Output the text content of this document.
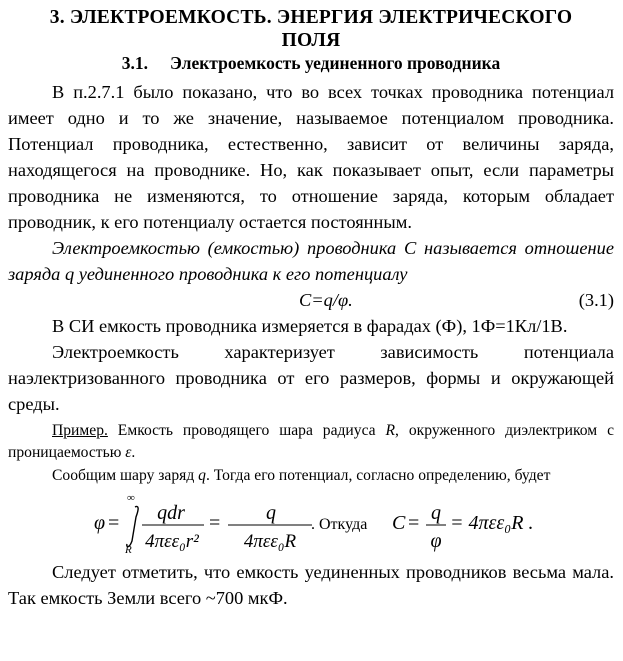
3. ЭЛЕКТРОЕМКОСТЬ. ЭНЕРГИЯ ЭЛЕКТРИЧЕСКОГО
ПОЛЯ
3.1. Электроемкость уединенного проводника

В п.2.7.1 было показано, что во всех точках проводника потенциал имеет одно и то же значение, называемое потенциалом проводника. Потенциал проводника, естественно, зависит от величины заряда, находящегося на проводнике. Но, как показывает опыт, если параметры проводника не изменяются, то отношение заряда, которым обладает проводник, к его потенциалу остается постоянным.

Электроемкостью (емкостью) проводника C называется отношение заряда q уединенного проводника к его потенциалу

C=q/φ.	(3.1)

В СИ емкость проводника измеряется в фарадах (Ф), 1Ф=1Кл/1В.

Электроемкость характеризует зависимость потенциала наэлектризованного проводника от его размеров, формы и окружающей среды.

Пример. Емкость проводящего шара радиуса R, окруженного диэлектриком с проницаемостью ε.

Сообщим шару заряд q. Тогда его потенциал, согласно определению, будет

φ =
∞
R
qdr
4πεε₀r²
= q
4πεε₀R
. Откуда C = q
φ
= 4πεε₀R .

Следует отметить, что емкость уединенных проводников весьма мала. Так емкость Земли всего ~700 мкФ.
